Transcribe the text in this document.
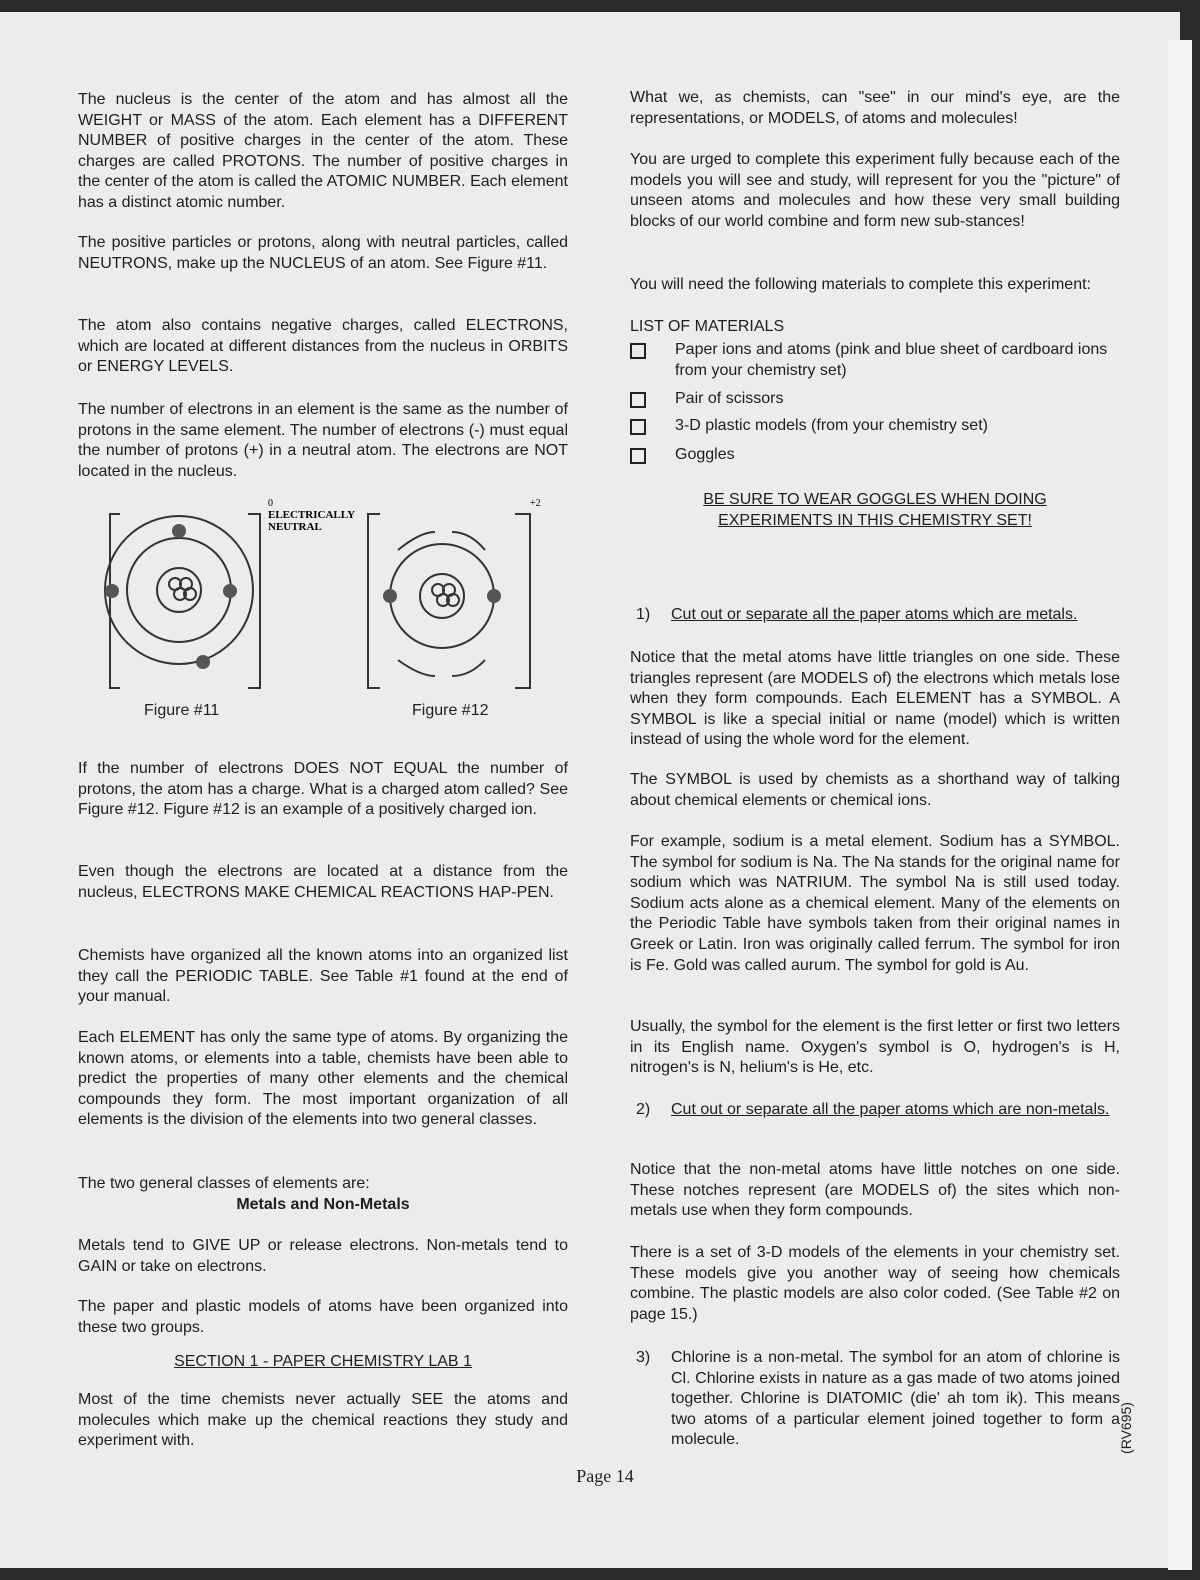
The nucleus is the center of the atom and has almost all the WEIGHT or MASS of the atom. Each element has a DIFFERENT NUMBER of positive charges in the center of the atom. These charges are called PROTONS. The number of positive charges in the center of the atom is called the ATOMIC NUMBER. Each element has a distinct atomic number.
The positive particles or protons, along with neutral particles, called NEUTRONS, make up the NUCLEUS of an atom. See Figure #11.
The atom also contains negative charges, called ELECTRONS, which are located at different distances from the nucleus in ORBITS or ENERGY LEVELS.
The number of electrons in an element is the same as the number of protons in the same element. The number of electrons (-) must equal the number of protons (+) in a neutral atom. The electrons are NOT located in the nucleus.
0
ELECTRICALLY
NEUTRAL
+2
Figure #11	Figure #12
If the number of electrons DOES NOT EQUAL the number of protons, the atom has a charge. What is a charged atom called? See Figure #12. Figure #12 is an example of a positively charged ion.
Even though the electrons are located at a distance from the nucleus, ELECTRONS MAKE CHEMICAL REACTIONS HAP-PEN.
Chemists have organized all the known atoms into an organized list they call the PERIODIC TABLE. See Table #1 found at the end of your manual.
Each ELEMENT has only the same type of atoms. By organizing the known atoms, or elements into a table, chemists have been able to predict the properties of many other elements and the chemical compounds they form. The most important organization of all elements is the division of the elements into two general classes.
The two general classes of elements are:
Metals and Non-Metals
Metals tend to GIVE UP or release electrons. Non-metals tend to GAIN or take on electrons.
The paper and plastic models of atoms have been organized into these two groups.
SECTION 1 - PAPER CHEMISTRY LAB 1
Most of the time chemists never actually SEE the atoms and molecules which make up the chemical reactions they study and experiment with.
What we, as chemists, can "see" in our mind's eye, are the representations, or MODELS, of atoms and molecules!
You are urged to complete this experiment fully because each of the models you will see and study, will represent for you the "picture" of unseen atoms and molecules and how these very small building blocks of our world combine and form new sub-stances!
You will need the following materials to complete this experiment:
LIST OF MATERIALS
Paper ions and atoms (pink and blue sheet of cardboard ions from your chemistry set)
Pair of scissors
3-D plastic models (from your chemistry set)
Goggles
BE SURE TO WEAR GOGGLES WHEN DOING EXPERIMENTS IN THIS CHEMISTRY SET!
1) Cut out or separate all the paper atoms which are metals.
Notice that the metal atoms have little triangles on one side. These triangles represent (are MODELS of) the electrons which metals lose when they form compounds. Each ELEMENT has a SYMBOL. A SYMBOL is like a special initial or name (model) which is written instead of using the whole word for the element.
The SYMBOL is used by chemists as a shorthand way of talking about chemical elements or chemical ions.
For example, sodium is a metal element. Sodium has a SYMBOL. The symbol for sodium is Na. The Na stands for the original name for sodium which was NATRIUM. The symbol Na is still used today. Sodium acts alone as a chemical element. Many of the elements on the Periodic Table have symbols taken from their original names in Greek or Latin. Iron was originally called ferrum. The symbol for iron is Fe. Gold was called aurum. The symbol for gold is Au.
Usually, the symbol for the element is the first letter or first two letters in its English name. Oxygen's symbol is O, hydrogen's is H, nitrogen's is N, helium's is He, etc.
2) Cut out or separate all the paper atoms which are non-metals.
Notice that the non-metal atoms have little notches on one side. These notches represent (are MODELS of) the sites which non-metals use when they form compounds.
There is a set of 3-D models of the elements in your chemistry set. These models give you another way of seeing how chemicals combine. The plastic models are also color coded. (See Table #2 on page 15.)
3) Chlorine is a non-metal. The symbol for an atom of chlorine is Cl. Chlorine exists in nature as a gas made of two atoms joined together. Chlorine is DIATOMIC (die' ah tom ik). This means two atoms of a particular element joined together to form a molecule.
Page 14
(RV695)
